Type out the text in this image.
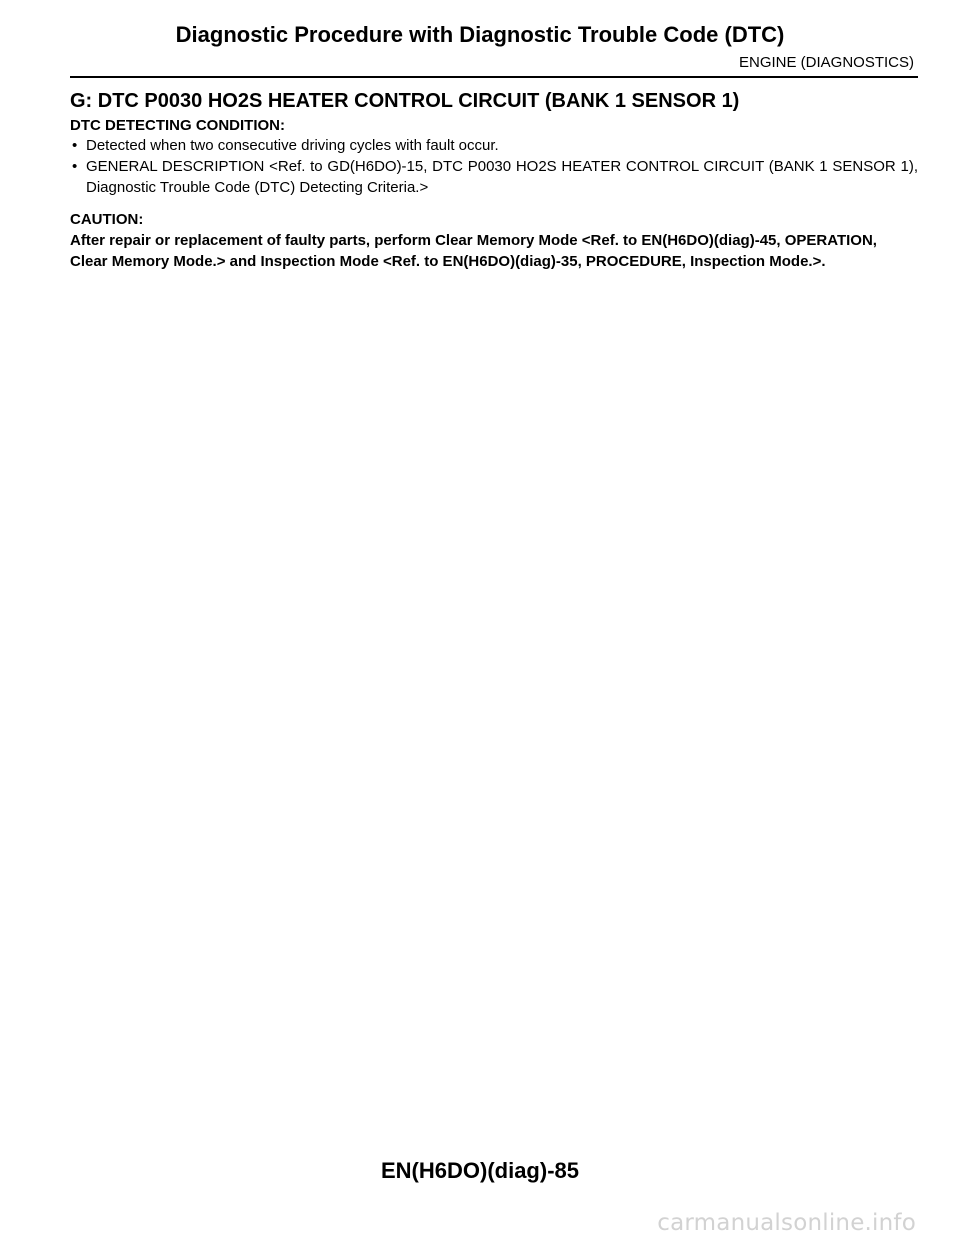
Diagnostic Procedure with Diagnostic Trouble Code (DTC)
ENGINE (DIAGNOSTICS)
G: DTC P0030 HO2S HEATER CONTROL CIRCUIT (BANK 1 SENSOR 1)
DTC DETECTING CONDITION:
• Detected when two consecutive driving cycles with fault occur.
• GENERAL DESCRIPTION <Ref. to GD(H6DO)-15, DTC P0030 HO2S HEATER CONTROL CIRCUIT (BANK 1 SENSOR 1), Diagnostic Trouble Code (DTC) Detecting Criteria.>
CAUTION:
After repair or replacement of faulty parts, perform Clear Memory Mode <Ref. to EN(H6DO)(diag)-45, OPERATION, Clear Memory Mode.> and Inspection Mode <Ref. to EN(H6DO)(diag)-35, PROCEDURE, Inspection Mode.>.
EN(H6DO)(diag)-85
carmanualsonline.info
